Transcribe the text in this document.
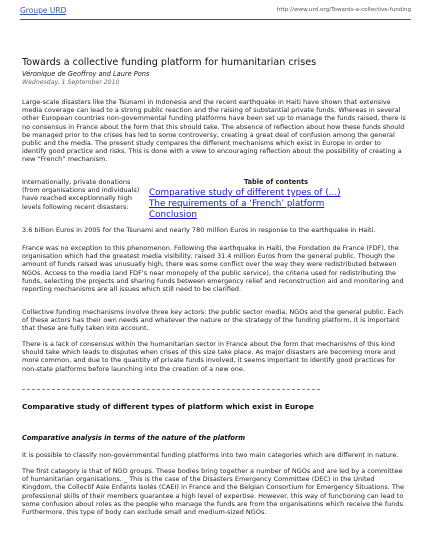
Groupe URD	http://www.urd.org/Towards-a-collective-funding
Towards a collective funding platform for humanitarian crises
Véronique de Geoffroy and Laure Pons
Wednesday, 1 September 2010
Large-scale disasters like the Tsunami in Indonesia and the recent earthquake in Haiti have shown that extensive media coverage can lead to a strong public reaction and the raising of substantial private funds. Whereas in several other European countries non-governmental funding platforms have been set up to manage the funds raised, there is no consensus in France about the form that this should take. The absence of reflection about how these funds should be managed prior to the crises has led to some controversy, creating a great deal of confusion among the general public and the media. The present study compares the different mechanisms which exist in Europe in order to identify good practice and risks. This is done with a view to encouraging reflection about the possibility of creating a new “French” mechanism.
Internationally, private donations (from organisations and individuals) have reached exceptionnally high levels following recent disasters:
Table of contents
Comparative study of different types of (...)
The requirements of a ‘French’ platform
Conclusion
3.6 billion Euros in 2005 for the Tsunami and nearly 780 million Euros in response to the earthquake in Haiti.
France was no exception to this phenomenon. Following the earthquake in Haiti, the Fondation de France (FDF), the organisation which had the greatest media visibility, raised 31.4 million Euros from the general public. Though the amount of funds raised was unusually high, there was some conflict over the way they were redistributed between NGOs. Access to the media (and FDF’s near monopoly of the public service), the criteria used for redistributing the funds, selecting the projects and sharing funds between emergency relief and reconstruction aid and monitoring and reporting mechanisms are all issues which still need to be clarified.
Collective funding mechanisms involve three key actors: the public sector media, NGOs and the general public. Each of these actors has their own needs and whatever the nature or the strategy of the funding platform, it is important that these are fully taken into account.
There is a lack of consensus within the humanitarian sector in France about the form that mechanisms of this kind should take which leads to disputes when crises of this size take place. As major disasters are becoming more and more common, and due to the quantity of private funds involved, it seems important to identify good practices for non-state platforms before launching into the creation of a new one.
Comparative study of different types of platform which exist in Europe
Comparative analysis in terms of the nature of the platform
It is possible to classify non-governmental funding platforms into two main categories which are different in nature.
The first category is that of NGO groups. These bodies bring together a number of NGOs and are led by a committee of humanitarian organisations. _ This is the case of the Disasters Emergency Committee (DEC) in the United Kingdom, the Collectif Asie Enfants Isolés (CAEI) in France and the Belgian Consortium for Emergency Situations. The professional skills of their members guarantee a high level of expertise. However, this way of functioning can lead to some confusion about roles as the people who manage the funds are from the organisations which receive the funds. Furthermore, this type of body can exclude small and medium-sized NGOs.
